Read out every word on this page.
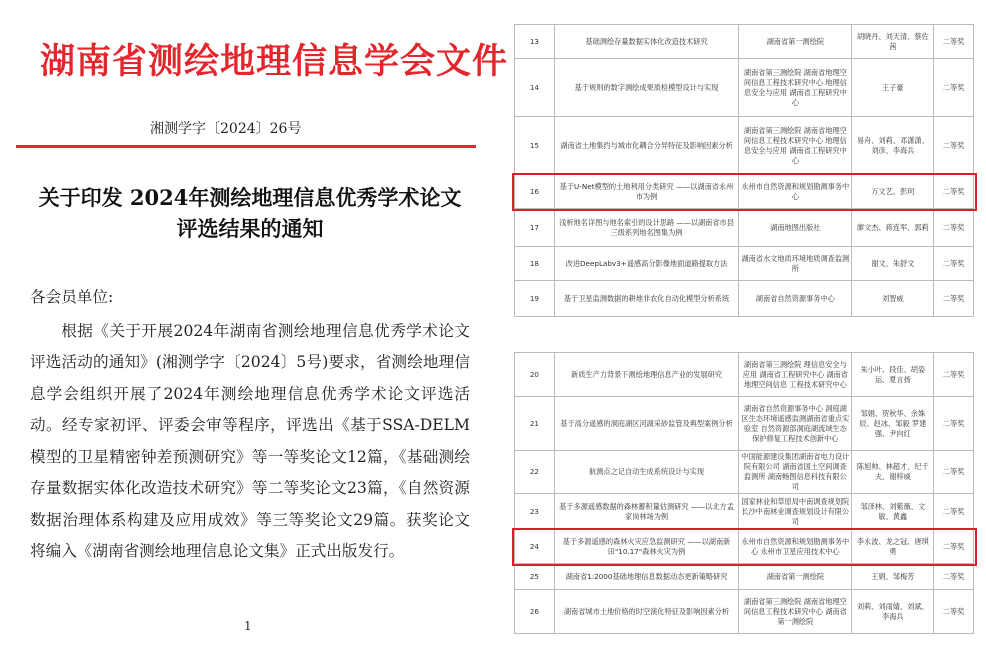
湖南省测绘地理信息学会文件
湘测学字〔2024〕26号
关于印发 2024年测绘地理信息优秀学术论文
评选结果的通知

各会员单位:

根据《关于开展2024年湖南省测绘地理信息优秀学术论文评选活动的通知》(湘测学字〔2024〕5号)要求，省测绘地理信息学会组织开展了2024年测绘地理信息优秀学术论文评选活动。经专家初评、评委会审等程序，评选出《基于SSA-DELM模型的卫星精密钟差预测研究》等一等奖论文12篇，《基础测绘存量数据实体化改造技术研究》等二等奖论文23篇，《自然资源数据治理体系构建及应用成效》等三等奖论文29篇。获奖论文将编入《湖南省测绘地理信息论文集》正式出版发行。

1
13	基础测绘存量数据实体化改造技术研究	湖南省第一测绘院	胡晓丹、刘天清、蔡佐茜	二等奖
14	基于规则的数字测绘成果质检模型设计与实现	湖南省第三测绘院 湖南省地理空间信息工程技术研究中心 地理信息安全与应用 湖南省工程研究中心	王子豪	二等奖
15	湖南省土地集约与城市化耦合分异特征及影响因素分析	湖南省第三测绘院 湖南省地理空间信息工程技术研究中心 地理信息安全与应用 湖南省工程研究中心	易舟、刘莉、邓潇潇、刘彦、李海兵	二等奖
16	基于U-Net模型的土地利用分类研究 ——以湖南省永州市为例	永州市自然资源和规划勘测事务中心	万文艺、彭珂	二等奖
17	浅析地名详图与地名索引的设计思路 ——以湖南省市县三级系列地名图集为例	湖南地图出版社	廖文杰、蒋连军、郭莉	二等奖
18	改进DeepLabv3+遥感高分影像地面道路提取方法	湖南省水文地质环境地质调查监测所	谢文、朱舒文	二等奖
19	基于卫星监测数据的耕地非农化自动化模型分析系统	湖南省自然资源事务中心	刘智威	二等奖
20	新质生产力背景下测绘地理信息产业的发展研究	湖南省第三测绘院 理信息安全与应用 湖南省工程研究中心 湖南省地理空间信息 工程技术研究中心	朱小叶、段佳、胡姿运、夏言扬	二等奖
21	基于高分遥感的洞庭湖区河湖采砂监管及典型案例分析	湖南省自然资源事务中心 洞庭湖区生态环境遥感监测湖南省重点实验室 自然资源部洞庭湖流域生态保护修复工程技术创新中心	邹娟、贺秋华、余姝辰、赵冰、邹毅 罗建强、尹向红	二等奖
22	航测点之记自动生成系统设计与实现	中国能源建设集团湖南省电力设计院有限公司 湖南省国土空间调查监测所 湖南畅图信息科技有限公司	陈旭帅、林超才、纪千夫、谢梓威	二等奖
23	基于多源遥感数据的森林蓄积量估测研究 ——以北方孟家岗林场为例	国家林业和草原局中南调查规划院 长沙中南林业调查规划设计有限公司	邹泽林、刘紫薇、文敏、黄鑫	二等奖
24	基于多源遥感的森林火灾应急监测研究 ——以湖南新田"10.17"森林火灾为例	永州市自然资源和规划勘测事务中心 永州市卫星应用技术中心	李永波、龙之冠、唐琪勇	二等奖
25	湖南省1:2000基础地理信息数据动态更新策略研究	湖南省第一测绘院	王娟、邹梅芳	二等奖
26	湖南省城市土地价格的时空演化特征及影响因素分析	湖南省第三测绘院 湖南省地理空间信息工程技术研究中心 湖南省第一测绘院	刘莉、刘雨婧、刘斌、李海兵	二等奖
